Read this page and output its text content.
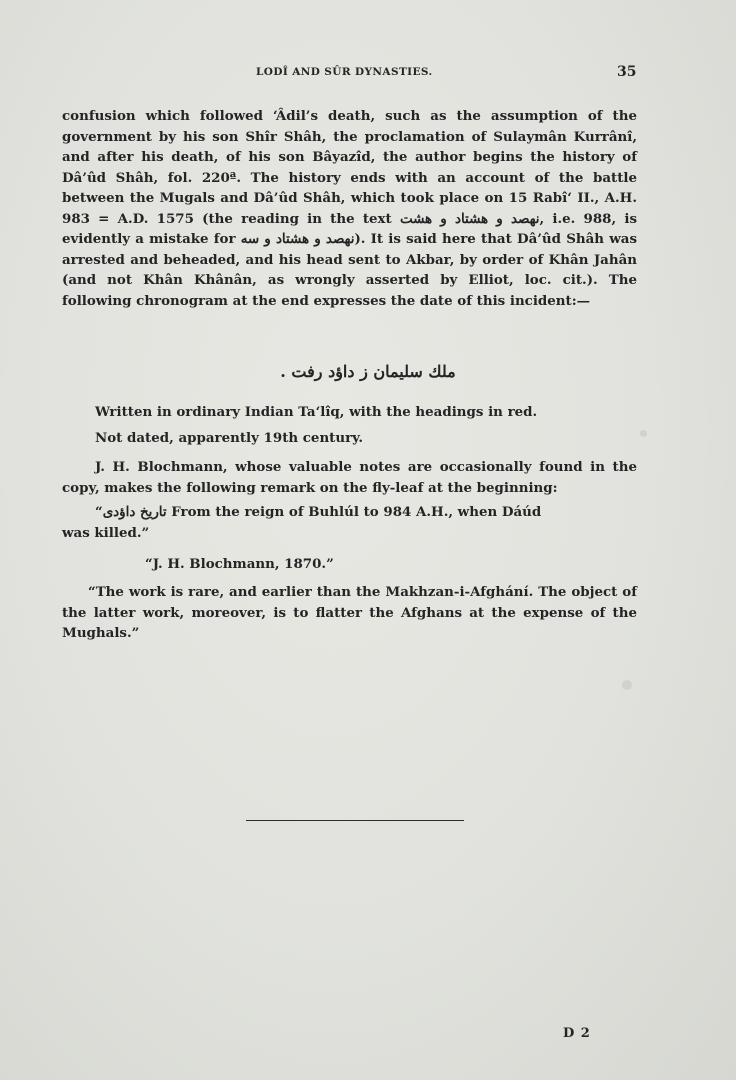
LODÎ AND SÛR DYNASTIES.	35

confusion which followed ‘Âdil’s death, such as the assumption of the government by his son Shîr Shâh, the proclamation of Sulaymân Kurrânî, and after his death, of his son Bâyazîd, the author begins the history of Dâ’ûd Shâh, fol. 220ª. The history ends with an account of the battle between the Mugals and Dâ’ûd Shâh, which took place on 15 Rabîʻ II., A.H. 983 = A.D. 1575 (the reading in the text نهصد و هشتاد و هشت, i.e. 988, is evidently a mistake for نهصد و هشتاد و سه). It is said here that Dâ’ûd Shâh was arrested and beheaded, and his head sent to Akbar, by order of Khân Jahân (and not Khân Khânân, as wrongly asserted by Elliot, loc. cit.). The following chronogram at the end expresses the date of this incident:—

ملك سليمان ز داؤد رفت .
Written in ordinary Indian Ta‘lîq, with the headings in red.
Not dated, apparently 19th century.

J. H. Blochmann, whose valuable notes are occasionally found in the copy, makes the following remark on the fly-leaf at the beginning:

“تاريخ داؤدى From the reign of Buhlúl to 984 A.H., when Dáúd
was killed.”
“J. H. Blochmann, 1870.”

“The work is rare, and earlier than the Makhzan-i-Afghání. The object of the latter work, moreover, is to flatter the Afghans at the expense of the Mughals.”

D 2
